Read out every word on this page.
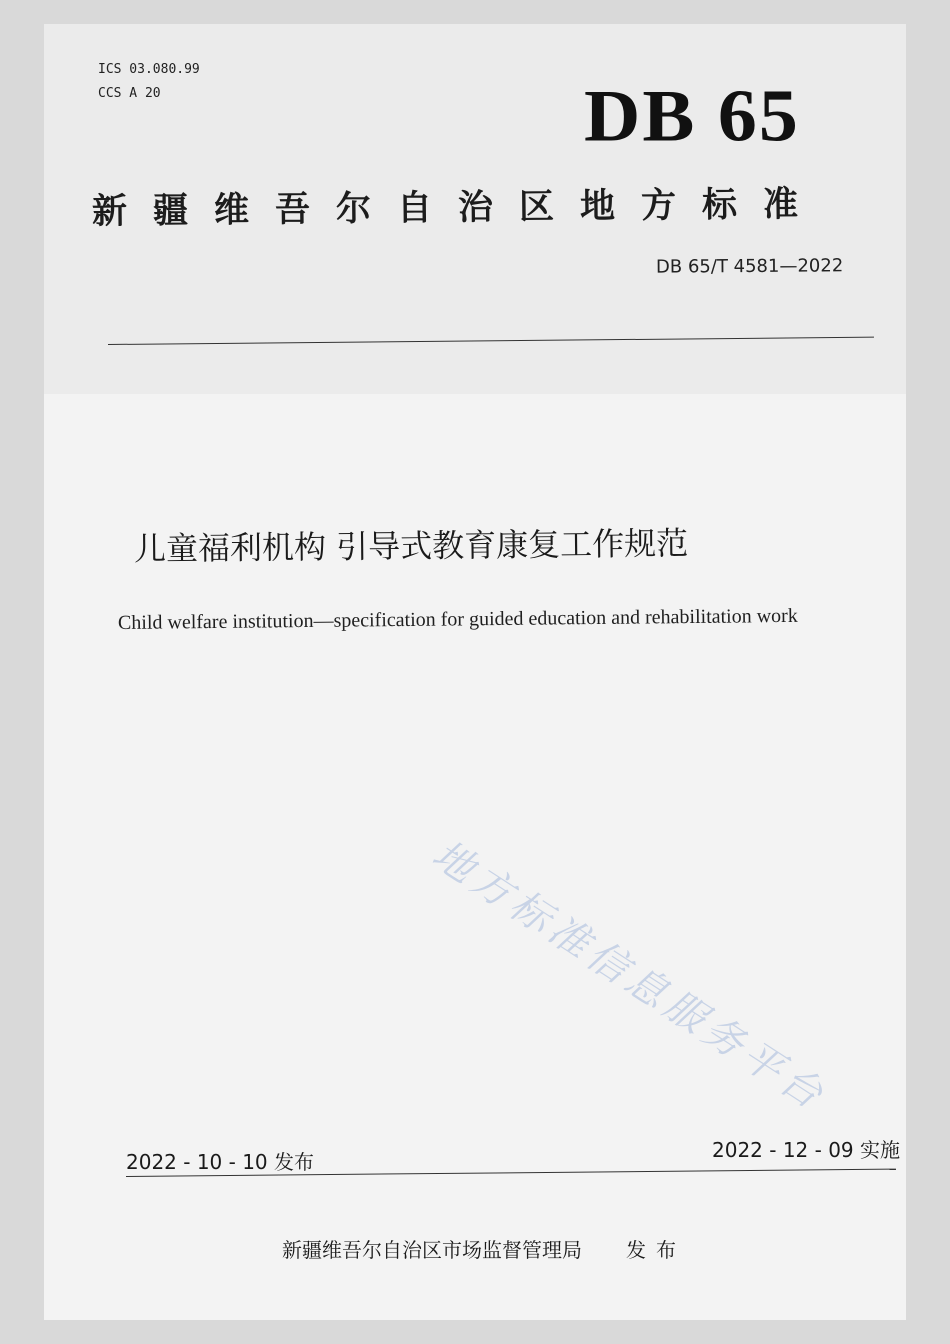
ICS 03.080.99
CCS A 20	DB 65
新疆维吾尔自治区地方标准
DB 65/T 4581—2022
儿童福利机构 引导式教育康复工作规范
Child welfare institution—specification for guided education and rehabilitation work
地方标准信息服务平台
2022 - 10 - 10 发布	2022 - 12 - 09 实施
新疆维吾尔自治区市场监督管理局 发布
